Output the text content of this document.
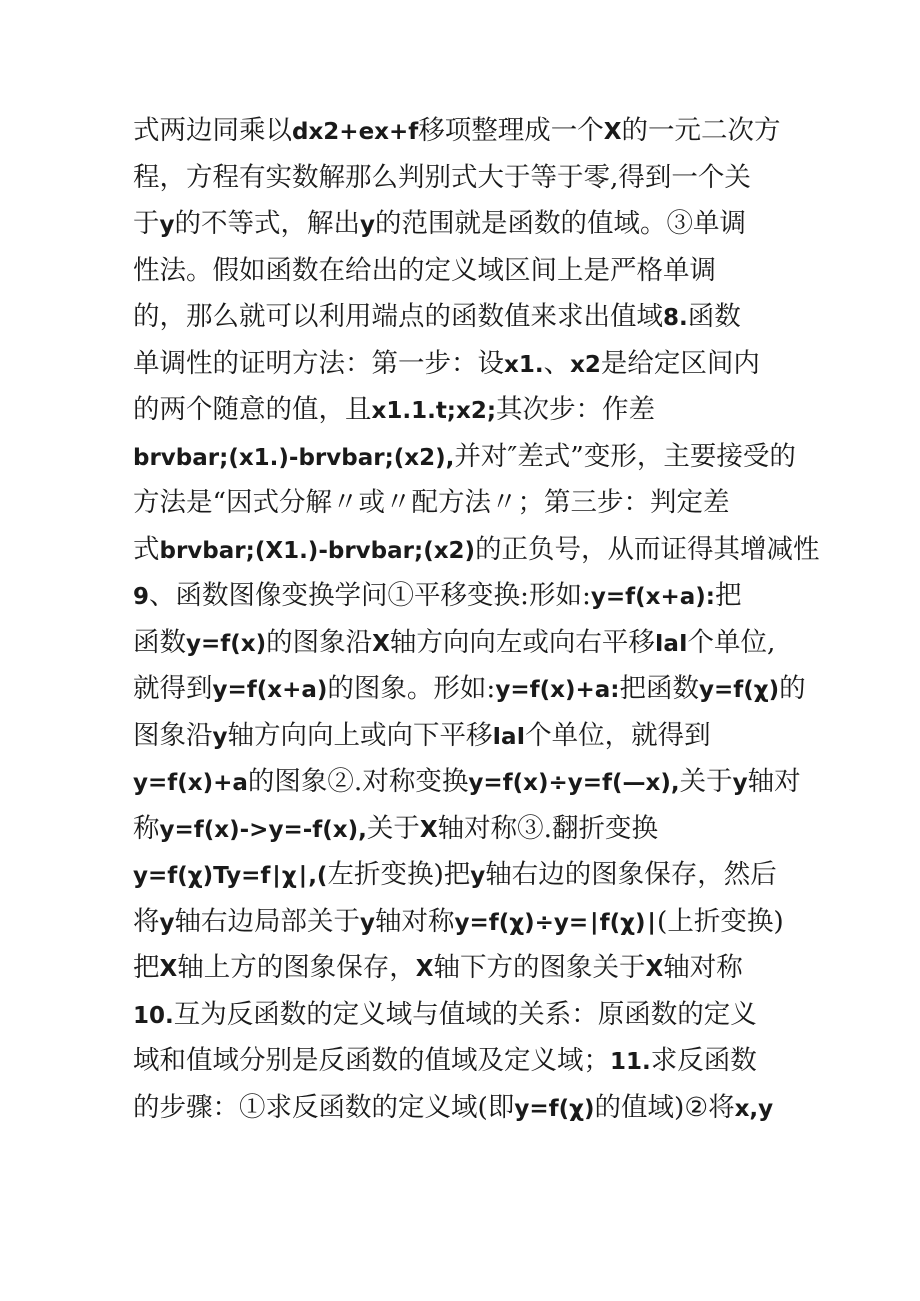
式两边同乘以dx2+ex+f移项整理成一个X的一元二次方
程，方程有实数解那么判别式大于等于零,得到一个关
于y的不等式，解出y的范围就是函数的值域。③单调
性法。假如函数在给出的定义域区间上是严格单调
的，那么就可以利用端点的函数值来求出值域8.函数
单调性的证明方法：第一步：设x1.、x2是给定区间内
的两个随意的值，且x1.1.t;x2;其次步：作差
brvbar;(x1.)-brvbar;(x2),并对″差式”变形，主要接受的
方法是“因式分解〃或〃配方法〃；第三步：判定差
式brvbar;(X1.)-brvbar;(x2)的正负号，从而证得其增减性
9、函数图像变换学问①平移变换:形如:y=f(x+a):把
函数y=f(x)的图象沿X轴方向向左或向右平移IaI个单位,
就得到y=f(x+a)的图象。形如:y=f(x)+a:把函数y=f(χ)的
图象沿y轴方向向上或向下平移IaI个单位，就得到
y=f(x)+a的图象②.对称变换y=f(x)÷y=f(—x),关于y轴对
称y=f(x)->y=-f(x),关于X轴对称③.翻折变换
y=f(χ)Ty=f∣χ∣,(左折变换)把y轴右边的图象保存，然后
将y轴右边局部关于y轴对称y=f(χ)÷y=∣f(χ)∣(上折变换)
把X轴上方的图象保存，X轴下方的图象关于X轴对称
10.互为反函数的定义域与值域的关系：原函数的定义
域和值域分别是反函数的值域及定义域；11.求反函数
的步骤：①求反函数的定义域(即y=f(χ)的值域)②将x,y
